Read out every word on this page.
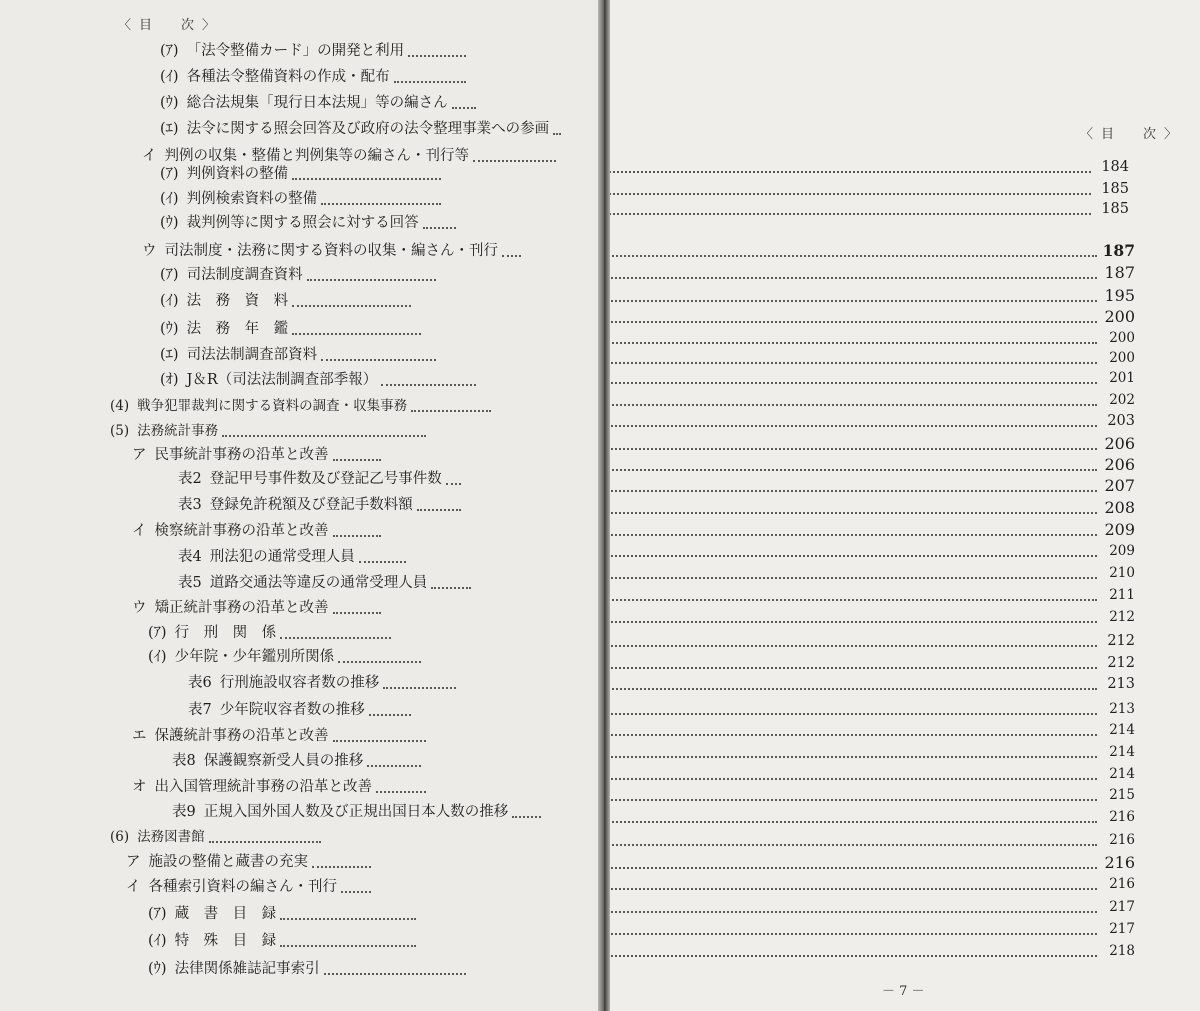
〈目　次〉
(ｱ) 「法令整備カード」の開発と利用
(ｲ) 各種法令整備資料の作成・配布
(ｳ) 総合法規集「現行日本法規」等の編さん
(ｴ) 法令に関する照会回答及び政府の法令整理事業への参画
イ 判例の収集・整備と判例集等の編さん・刊行等
(ｱ) 判例資料の整備
(ｲ) 判例検索資料の整備
(ｳ) 裁判例等に関する照会に対する回答
ウ 司法制度・法務に関する資料の収集・編さん・刊行
(ｱ) 司法制度調査資料
(ｲ) 法　務　資　料
(ｳ) 法　務　年　鑑
(ｴ) 司法法制調査部資料
(ｵ) J＆R（司法法制調査部季報）
(4) 戦争犯罪裁判に関する資料の調査・収集事務
(5) 法務統計事務
ア 民事統計事務の沿革と改善
表2 登記甲号事件数及び登記乙号事件数
表3 登録免許税額及び登記手数料額
イ 検察統計事務の沿革と改善
表4 刑法犯の通常受理人員
表5 道路交通法等違反の通常受理人員
ウ 矯正統計事務の沿革と改善
(ｱ) 行　刑　関　係
(ｲ) 少年院・少年鑑別所関係
表6 行刑施設収容者数の推移
表7 少年院収容者数の推移
エ 保護統計事務の沿革と改善
表8 保護観察新受人員の推移
オ 出入国管理統計事務の沿革と改善
表9 正規入国外国人数及び正規出国日本人数の推移
(6) 法務図書館
ア 施設の整備と蔵書の充実
イ 各種索引資料の編さん・刊行
(ｱ) 蔵　書　目　録
(ｲ) 特　殊　目　録
(ｳ) 法律関係雑誌記事索引
〈目　次〉
184
185
185
187
187
195
200
200
200
201
202
203
206
206
207
208
209
209
210
211
212
212
212
213
213
214
214
214
215
216
216
216
216
217
217
218
－ 7 －
